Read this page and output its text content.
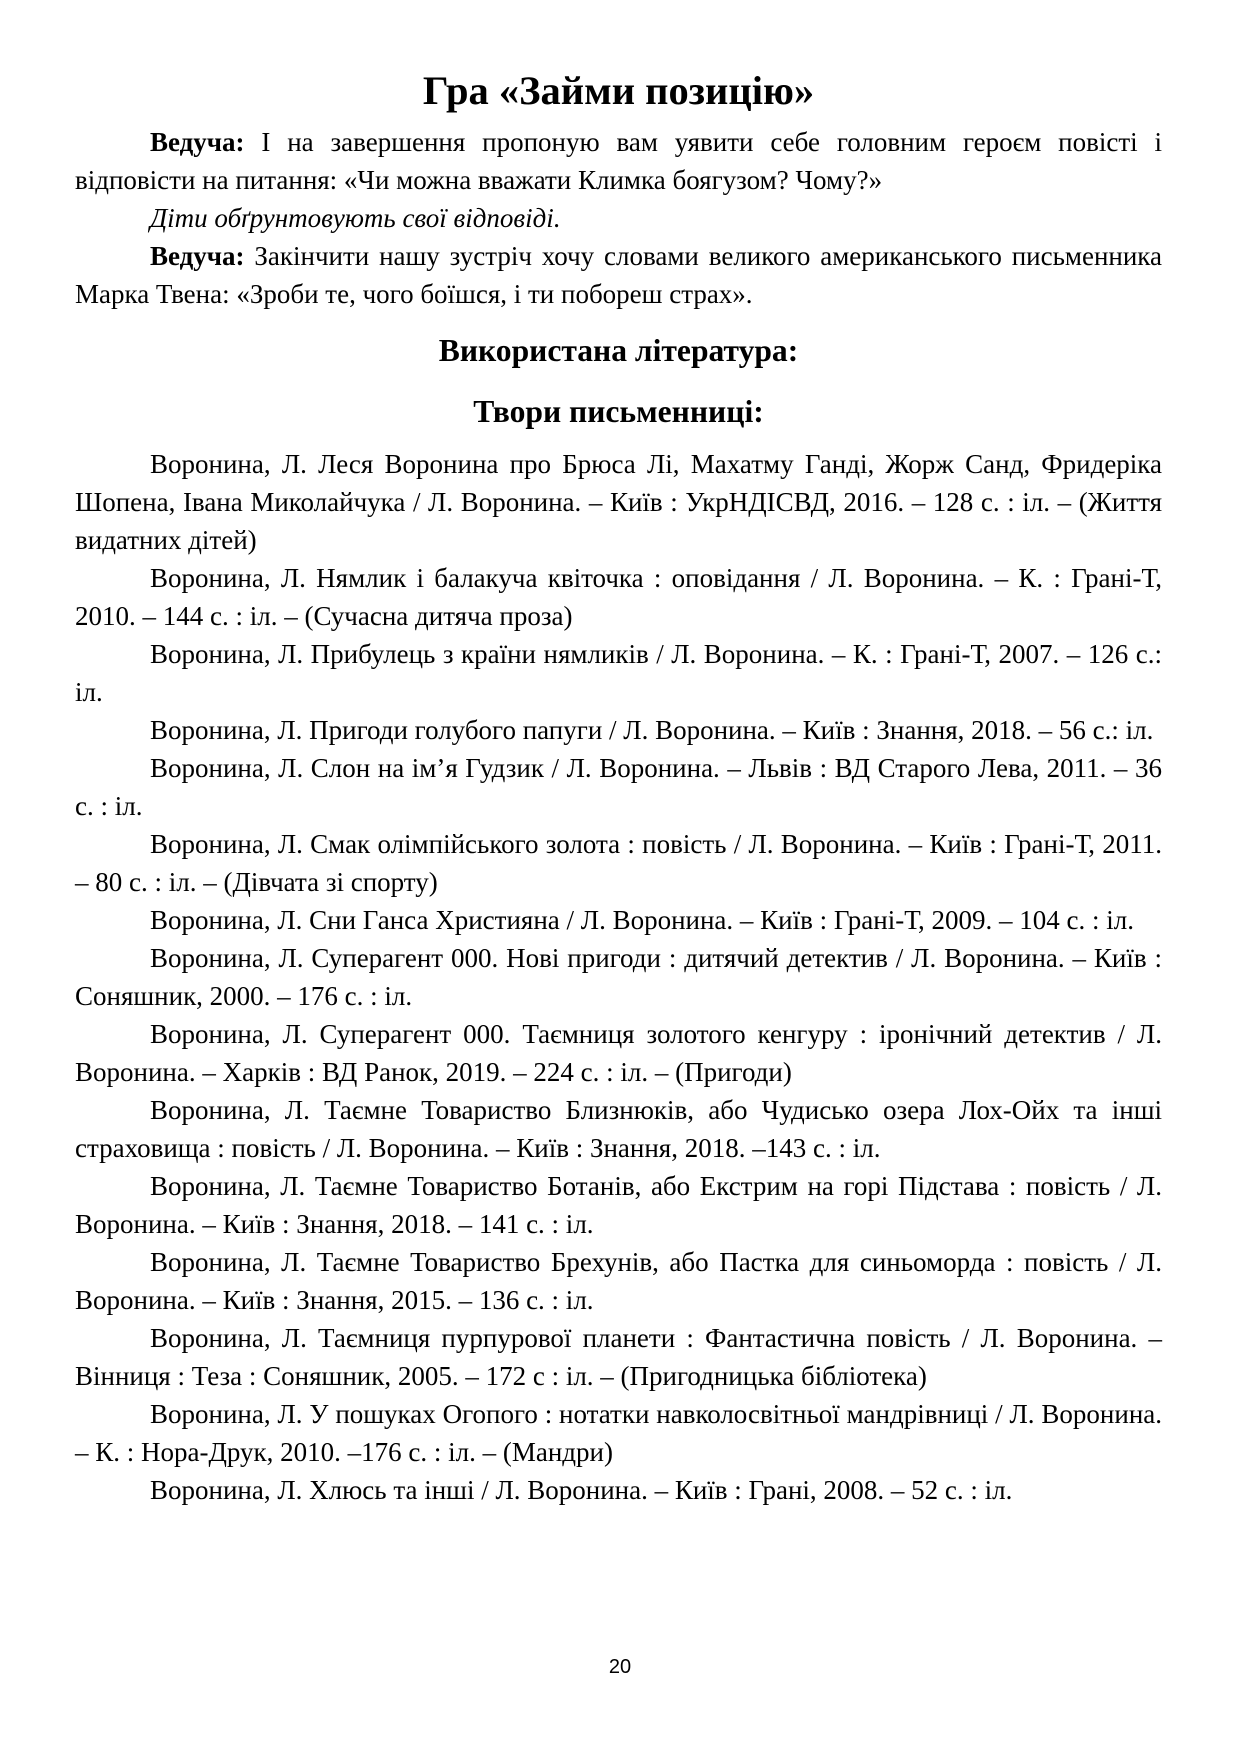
Гра «Займи позицію»

Ведуча: І на завершення пропоную вам уявити себе головним героєм повісті і відповісти на питання: «Чи можна вважати Климка боягузом? Чому?»

Діти обґрунтовують свої відповіді.

Ведуча: Закінчити нашу зустріч хочу словами великого американського письменника Марка Твена: «Зроби те, чого боїшся, і ти побореш страх».

Використана література:
Твори письменниці:
Воронина, Л. Леся Воронина про Брюса Лі, Махатму Ганді, Жорж Санд, Фридеріка Шопена, Івана Миколайчука / Л. Воронина. – Київ : УкрНДІСВД, 2016. – 128 с. : іл. – (Життя видатних дітей)
Воронина, Л. Нямлик і балакуча квіточка : оповідання / Л. Воронина. – К. : Грані-Т, 2010. – 144 с. : іл. – (Сучасна дитяча проза)
Воронина, Л. Прибулець з країни нямликів / Л. Воронина. – К. : Грані-Т, 2007. – 126 с.: іл.
Воронина, Л. Пригоди голубого папуги / Л. Воронина. – Київ : Знання, 2018. – 56 с.: іл.
Воронина, Л. Слон на ім’я Гудзик / Л. Воронина. – Львів : ВД Старого Лева, 2011. – 36 с. : іл.
Воронина, Л. Смак олімпійського золота : повість / Л. Воронина. – Київ : Грані-Т, 2011. – 80 с. : іл. – (Дівчата зі спорту)
Воронина, Л. Сни Ганса Християна / Л. Воронина. – Київ : Грані-Т, 2009. – 104 с. : іл.
Воронина, Л. Суперагент 000. Нові пригоди : дитячий детектив / Л. Воронина. – Київ : Соняшник, 2000. – 176 с. : іл.
Воронина, Л. Суперагент 000. Таємниця золотого кенгуру : іронічний детектив / Л. Воронина. – Харків : ВД Ранок, 2019. – 224 с. : іл. – (Пригоди)
Воронина, Л. Таємне Товариство Близнюків, або Чудисько озера Лох-Ойх та інші страховища : повість / Л. Воронина. – Київ : Знання, 2018. –143 с. : іл.
Воронина, Л. Таємне Товариство Ботанів, або Екстрим на горі Підстава : повість / Л. Воронина. – Київ : Знання, 2018. – 141 с. : іл.
Воронина, Л. Таємне Товариство Брехунів, або Пастка для синьоморда : повість / Л. Воронина. – Київ : Знання, 2015. – 136 с. : іл.
Воронина, Л. Таємниця пурпурової планети : Фантастична повість / Л. Воронина. – Вінниця : Теза : Соняшник, 2005. – 172 с : іл. – (Пригодницька бібліотека)
Воронина, Л. У пошуках Огопого : нотатки навколосвітньої мандрівниці / Л. Воронина. – К. : Нора-Друк, 2010. –176 с. : іл. – (Мандри)
Воронина, Л. Хлюсь та інші / Л. Воронина. – Київ : Грані, 2008. – 52 с. : іл.
20
